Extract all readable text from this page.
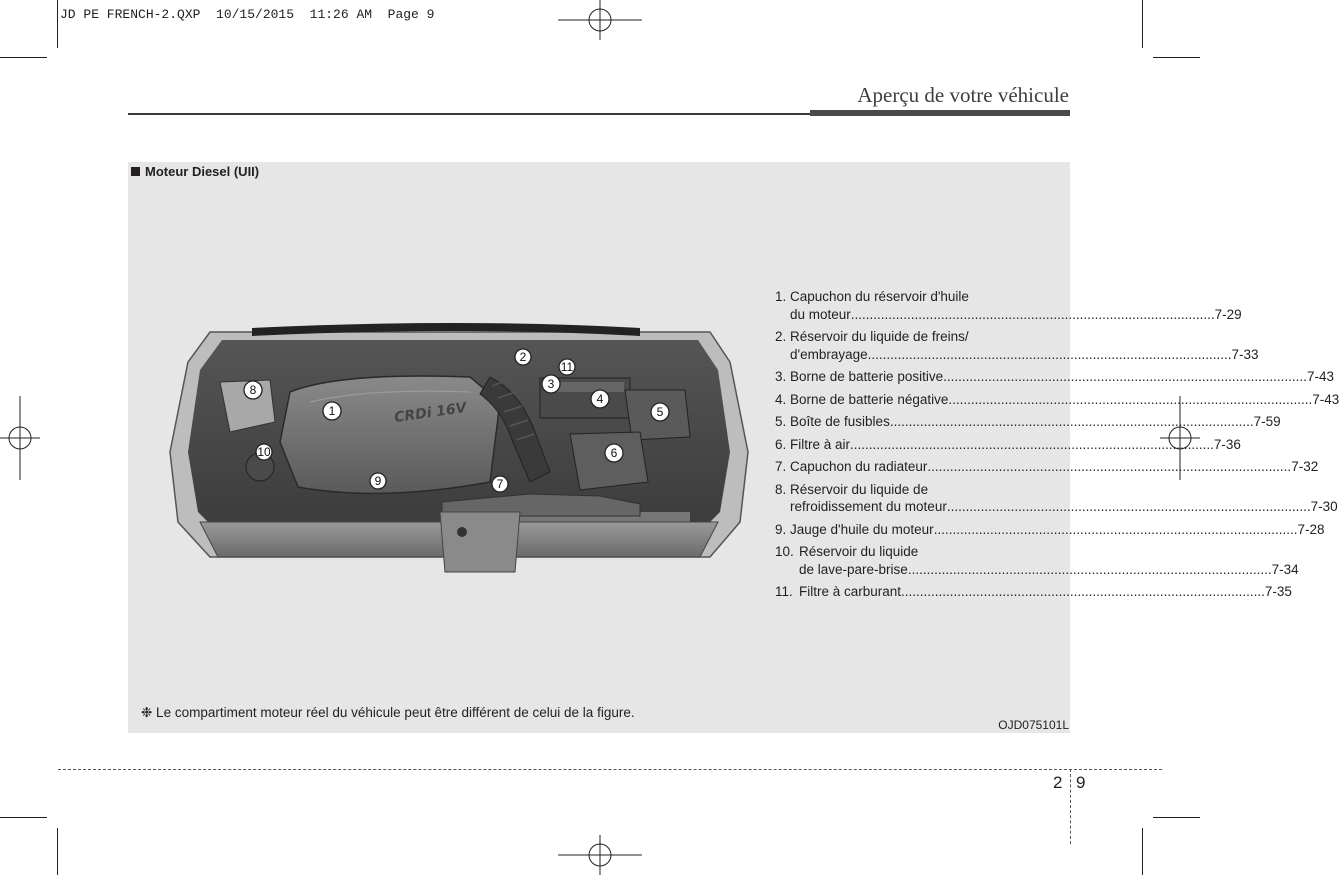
JD PE FRENCH-2.QXP  10/15/2015  11:26 AM  Page 9
Aperçu de votre véhicule
Moteur Diesel (UII)
CRDi 16V
1
2
3
4
5
6
7
8
9
10
11
1. Capuchon du réservoir d'huile
du moteur .....	7-29
2. Réservoir du liquide de freins/
d'embrayage .....	7-33
3. Borne de batterie positive .....	7-43
4. Borne de batterie négative .....	7-43
5. Boîte de fusibles .....	7-59
6. Filtre à air .....	7-36
7. Capuchon du radiateur .....	7-32
8. Réservoir du liquide de
refroidissement du moteur .....	7-30
9. Jauge d'huile du moteur .....	7-28
10. Réservoir du liquide
de lave-pare-brise .....	7-34
11. Filtre à carburant .....	7-35
❉ Le compartiment moteur réel du véhicule peut être différent de celui de la figure.
OJD075101L
2 9
